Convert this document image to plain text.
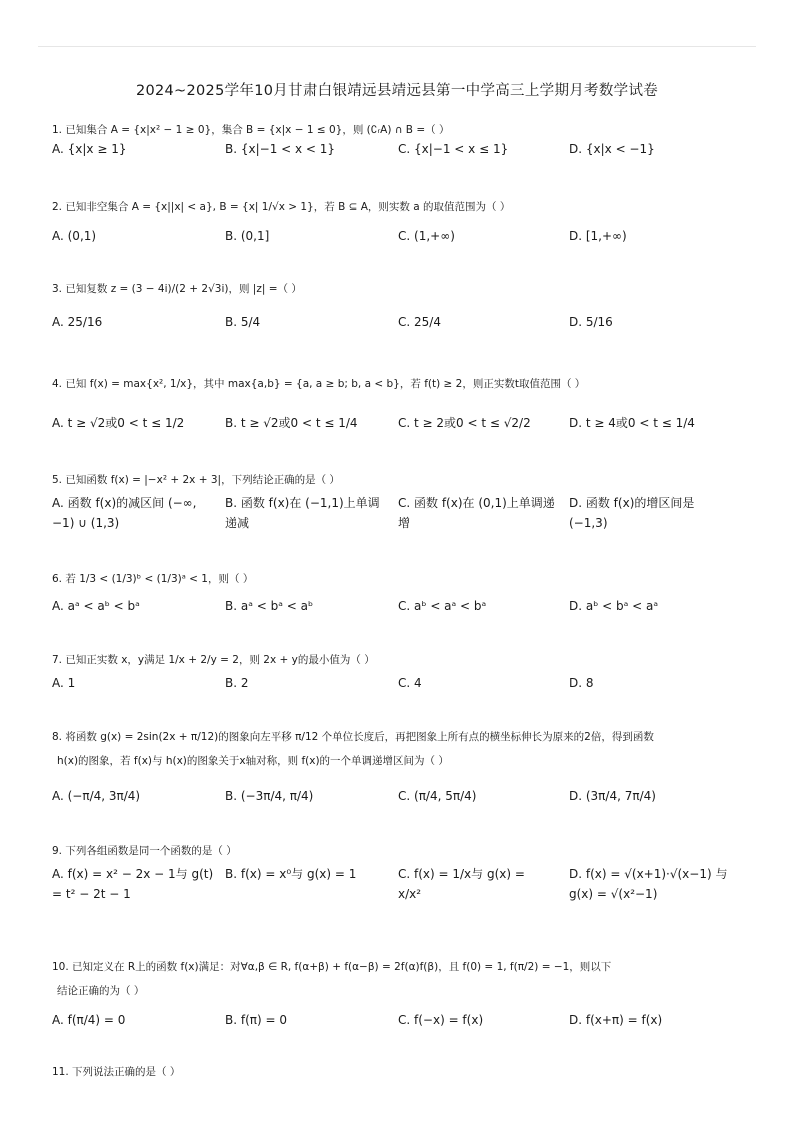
2024~2025学年10月甘肃白银靖远县靖远县第一中学高三上学期月考数学试卷
1. 已知集合 A = {x|x² − 1 ≥ 0}，集合 B = {x|x − 1 ≤ 0}，则 (∁ᵣA) ∩ B =（ ）
A. {x|x ≥ 1}	B. {x|−1 < x < 1}	C. {x|−1 < x ≤ 1}	D. {x|x < −1}
2. 已知非空集合 A = {x||x| < a}, B = {x| 1/√x > 1}，若 B ⊆ A，则实数 a 的取值范围为（ ）
A. (0,1)	B. (0,1]	C. (1,+∞)	D. [1,+∞)
3. 已知复数 z = (3 − 4i)/(2 + 2√3i)，则 |z| =（ ）
A. 25/16	B. 5/4	C. 25/4	D. 5/16
4. 已知 f(x) = max{x², 1/x}，其中 max{a,b} = {a, a ≥ b; b, a < b}，若 f(t) ≥ 2，则正实数t取值范围（ ）
A. t ≥ √2或0 < t ≤ 1/2	B. t ≥ √2或0 < t ≤ 1/4	C. t ≥ 2或0 < t ≤ √2/2	D. t ≥ 4或0 < t ≤ 1/4
5. 已知函数 f(x) = |−x² + 2x + 3|，下列结论正确的是（ ）
A. 函数 f(x)的减区间 (−∞,−1) ∪ (1,3)
B. 函数 f(x)在 (−1,1)上单调递减
C. 函数 f(x)在 (0,1)上单调递增
D. 函数 f(x)的增区间是 (−1,3)
6. 若 1/3 < (1/3)ᵇ < (1/3)ᵃ < 1，则（ ）
A. aᵃ < aᵇ < bᵃ	B. aᵃ < bᵃ < aᵇ	C. aᵇ < aᵃ < bᵃ	D. aᵇ < bᵃ < aᵃ
7. 已知正实数 x，y满足 1/x + 2/y = 2，则 2x + y的最小值为（ ）
A. 1	B. 2	C. 4	D. 8
8. 将函数 g(x) = 2sin(2x + π/12)的图象向左平移 π/12 个单位长度后，再把图象上所有点的横坐标伸长为原来的2倍，得到函数
h(x)的图象，若 f(x)与 h(x)的图象关于x轴对称，则 f(x)的一个单调递增区间为（ ）
A. (−π/4, 3π/4)	B. (−3π/4, π/4)	C. (π/4, 5π/4)	D. (3π/4, 7π/4)
9. 下列各组函数是同一个函数的是（ ）
A. f(x) = x² − 2x − 1与 g(t) = t² − 2t − 1
B. f(x) = x⁰与 g(x) = 1	C. f(x) = 1/x与 g(x) = x/x²
D. f(x) = √(x+1)·√(x−1) 与 g(x) = √(x²−1)
10. 已知定义在 R上的函数 f(x)满足：对∀α,β ∈ R, f(α+β) + f(α−β) = 2f(α)f(β)，且 f(0) = 1, f(π/2) = −1，则以下
结论正确的为（ ）
A. f(π/4) = 0	B. f(π) = 0	C. f(−x) = f(x)	D. f(x+π) = f(x)
11. 下列说法正确的是（ ）
